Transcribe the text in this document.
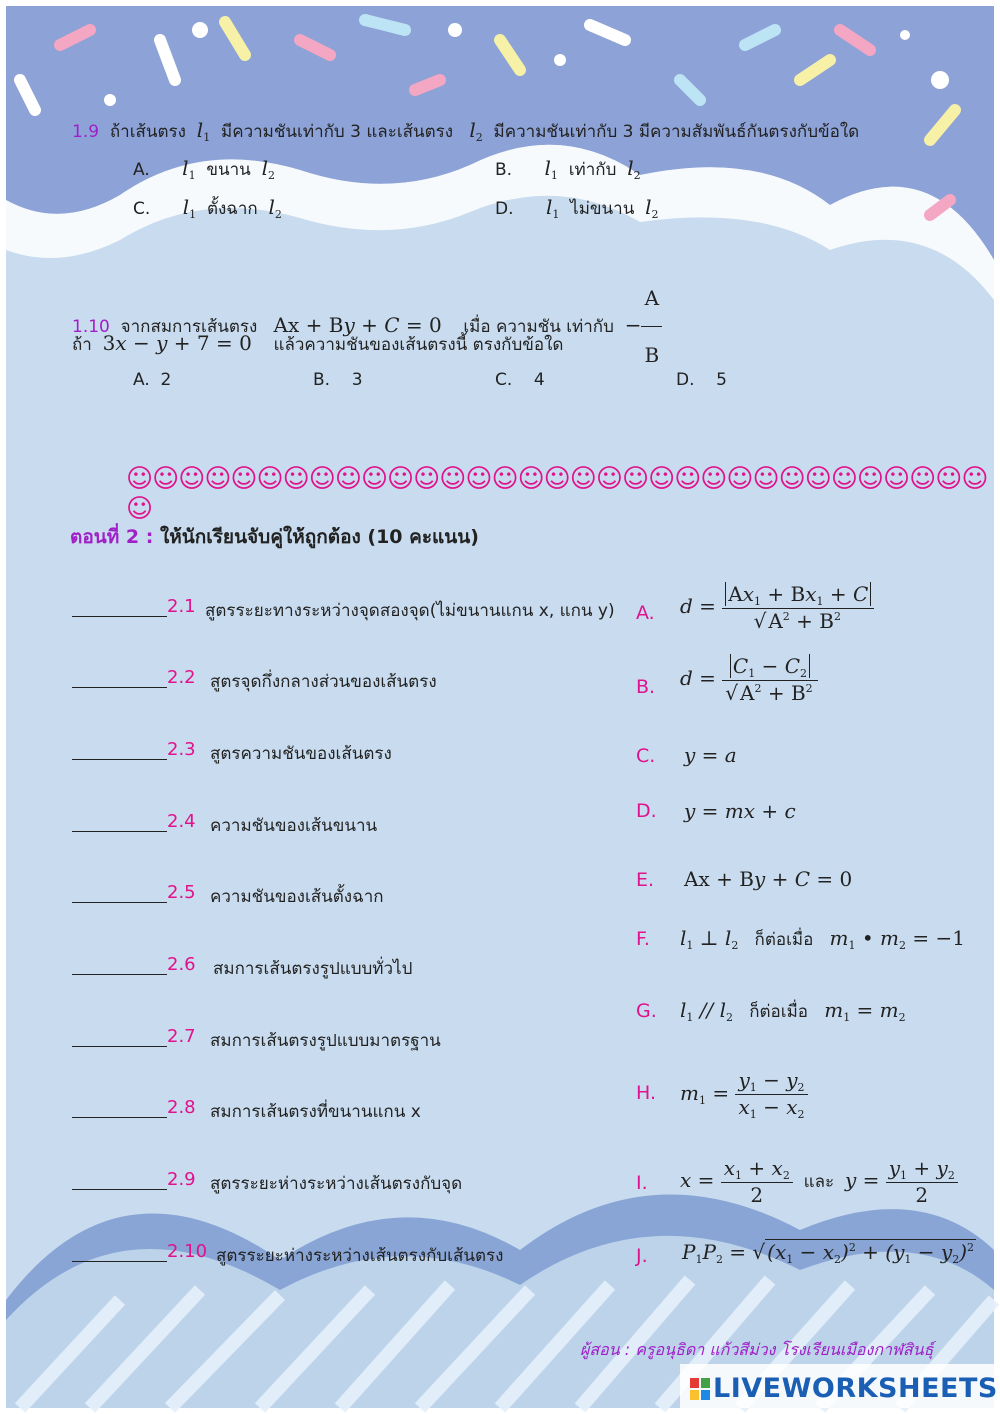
1.9 ถ้าเส้นตรง $l_1$ มีความชันเท่ากับ 3 และเส้นตรง $l_2$ มีความชันเท่ากับ 3 มีความสัมพันธ์กันตรงกับข้อใด
A. $l_1$ ขนาน $l_2$	B. $l_1$ เท่ากับ $l_2$
C. $l_1$ ตั้งฉาก $l_2$	D. $l_1$ ไม่ขนาน $l_2$
1.10 จากสมการเส้นตรง Ax + By + C = 0 เมื่อ ความชัน เท่ากับ − $\frac{A}{B}$
ถ้า 3x − y + 7 = 0 แล้วความชันของเส้นตรงนี้ ตรงกับข้อใด
A. 2	B. 3	C. 4	D. 5
☺☺☺☺☺☺☺☺☺☺☺☺☺☺☺☺☺☺☺☺☺☺☺☺☺☺☺☺☺☺☺☺☺☺
ตอนที่ 2 : ให้นักเรียนจับคู่ให้ถูกต้อง (10 คะแนน)
2.1 สูตรระยะทางระหว่างจุดสองจุด(ไม่ขนานแกน x, แกน y)
2.2 สูตรจุดกึ่งกลางส่วนของเส้นตรง
2.3 สูตรความชันของเส้นตรง
2.4 ความชันของเส้นขนาน
2.5 ความชันของเส้นตั้งฉาก
2.6 สมการเส้นตรงรูปแบบทั่วไป
2.7 สมการเส้นตรงรูปแบบมาตรฐาน
2.8 สมการเส้นตรงที่ขนานแกน x
2.9 สูตรระยะห่างระหว่างเส้นตรงกับจุด
2.10 สูตรระยะห่างระหว่างเส้นตรงกับเส้นตรง
A. $d = \frac{Ax_1 + Bx_1 + C}{√ A^2 + B^2}$
B. $d = \frac{C_1 - C_2}{√ A^2 + B^2}$
C. y = a
D. y = mx + c
E. Ax + By + C = 0
F. $l_1$ ⊥ $l_2$ ก็ต่อเมื่อ $m_1$ • $m_2 = -1$
G. $l_1 // l_2$ ก็ต่อเมื่อ $m_1 = m_2$
H. $m_1 = \frac{y_1 - y_2}{x_1 - x_2}$
I. $x = \frac{x_1 + x_2}{2}$ และ $y = \frac{y_1 + y_2}{2}$
J. $P_1P_2$ = √ $(x_1 - x_2)^2 + (y_1 - y_2)^2$
ผู้สอน : ครูอนุธิดา แก้วสีม่วง โรงเรียนเมืองกาฬสินธุ์
LIVEWORKSHEETS
